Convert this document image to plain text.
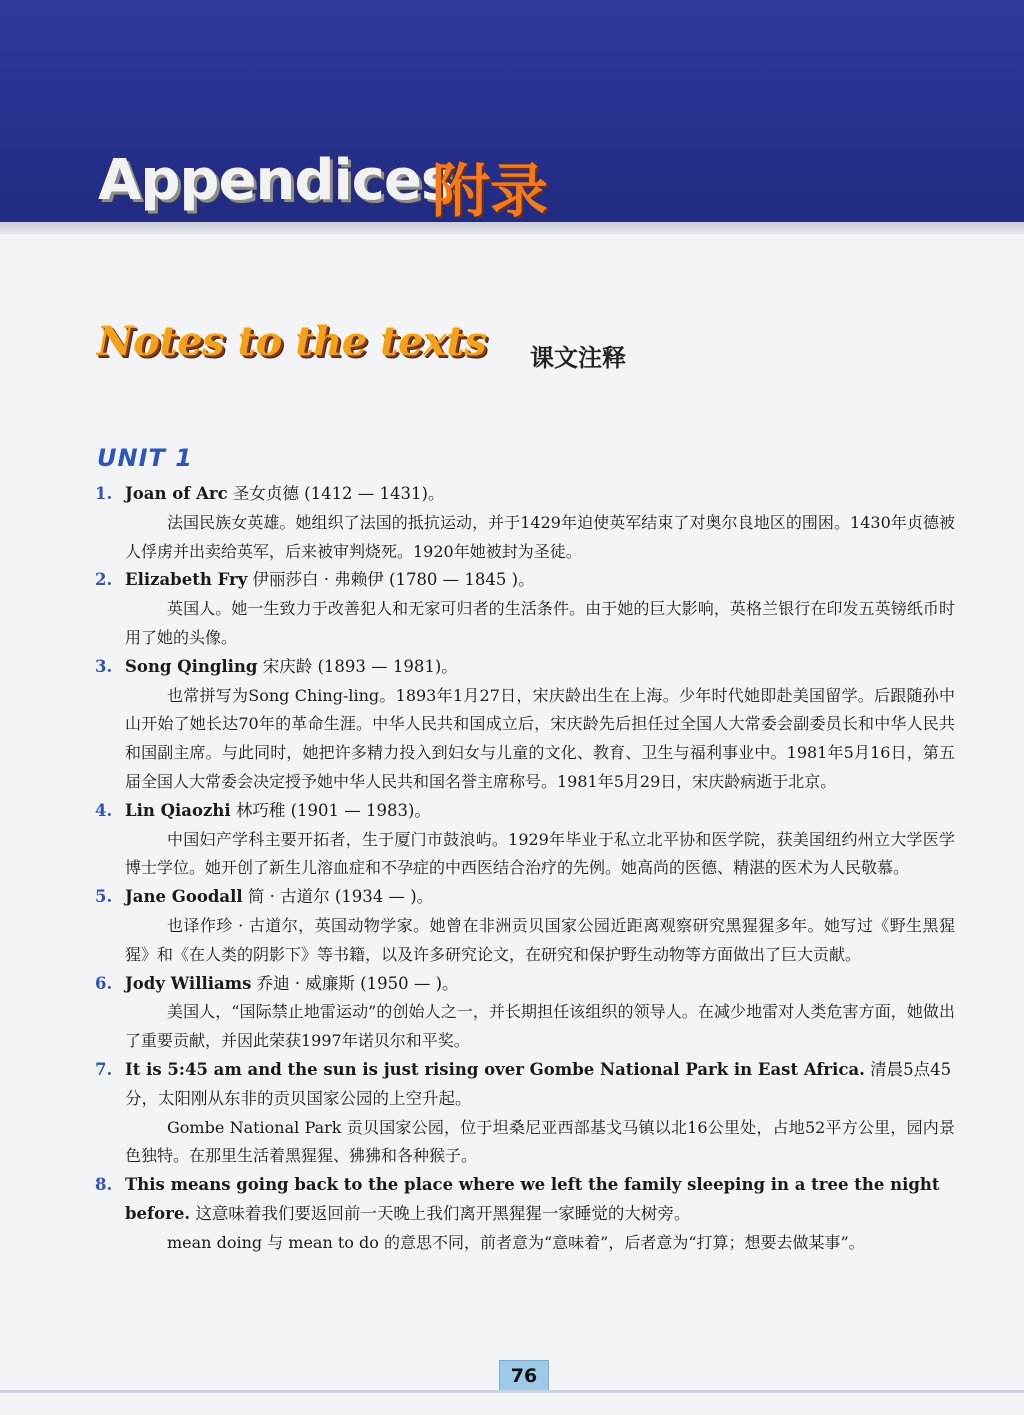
Appendices
附录
Notes to the texts 课文注释
UNIT 1
1. Joan of Arc 圣女贞德 (1412 — 1431)。
法国民族女英雄。她组织了法国的抵抗运动，并于1429年迫使英军结束了对奥尔良地区的围困。1430年贞德被人俘虏并出卖给英军，后来被审判烧死。1920年她被封为圣徒。
2. Elizabeth Fry 伊丽莎白 · 弗赖伊 (1780 — 1845 )。
英国人。她一生致力于改善犯人和无家可归者的生活条件。由于她的巨大影响，英格兰银行在印发五英镑纸币时用了她的头像。
3. Song Qingling 宋庆龄 (1893 — 1981)。
也常拼写为Song Ching-ling。1893年1月27日，宋庆龄出生在上海。少年时代她即赴美国留学。后跟随孙中山开始了她长达70年的革命生涯。中华人民共和国成立后，宋庆龄先后担任过全国人大常委会副委员长和中华人民共和国副主席。与此同时，她把许多精力投入到妇女与儿童的文化、教育、卫生与福利事业中。1981年5月16日，第五届全国人大常委会决定授予她中华人民共和国名誉主席称号。1981年5月29日，宋庆龄病逝于北京。
4. Lin Qiaozhi 林巧稚 (1901 — 1983)。
中国妇产学科主要开拓者，生于厦门市鼓浪屿。1929年毕业于私立北平协和医学院，获美国纽约州立大学医学博士学位。她开创了新生儿溶血症和不孕症的中西医结合治疗的先例。她高尚的医德、精湛的医术为人民敬慕。
5. Jane Goodall 简 · 古道尔 (1934 — )。
也译作珍 · 古道尔，英国动物学家。她曾在非洲贡贝国家公园近距离观察研究黑猩猩多年。她写过《野生黑猩猩》和《在人类的阴影下》等书籍，以及许多研究论文，在研究和保护野生动物等方面做出了巨大贡献。
6. Jody Williams 乔迪 · 威廉斯 (1950 — )。
美国人，“国际禁止地雷运动”的创始人之一，并长期担任该组织的领导人。在减少地雷对人类危害方面，她做出了重要贡献，并因此荣获1997年诺贝尔和平奖。
7. It is 5:45 am and the sun is just rising over Gombe National Park in East Africa. 清晨5点45分，太阳刚从东非的贡贝国家公园的上空升起。
Gombe National Park 贡贝国家公园，位于坦桑尼亚西部基戈马镇以北16公里处，占地52平方公里，园内景色独特。在那里生活着黑猩猩、狒狒和各种猴子。
8. This means going back to the place where we left the family sleeping in a tree the night before. 这意味着我们要返回前一天晚上我们离开黑猩猩一家睡觉的大树旁。
mean doing 与 mean to do 的意思不同，前者意为“意味着”，后者意为“打算；想要去做某事”。
76
